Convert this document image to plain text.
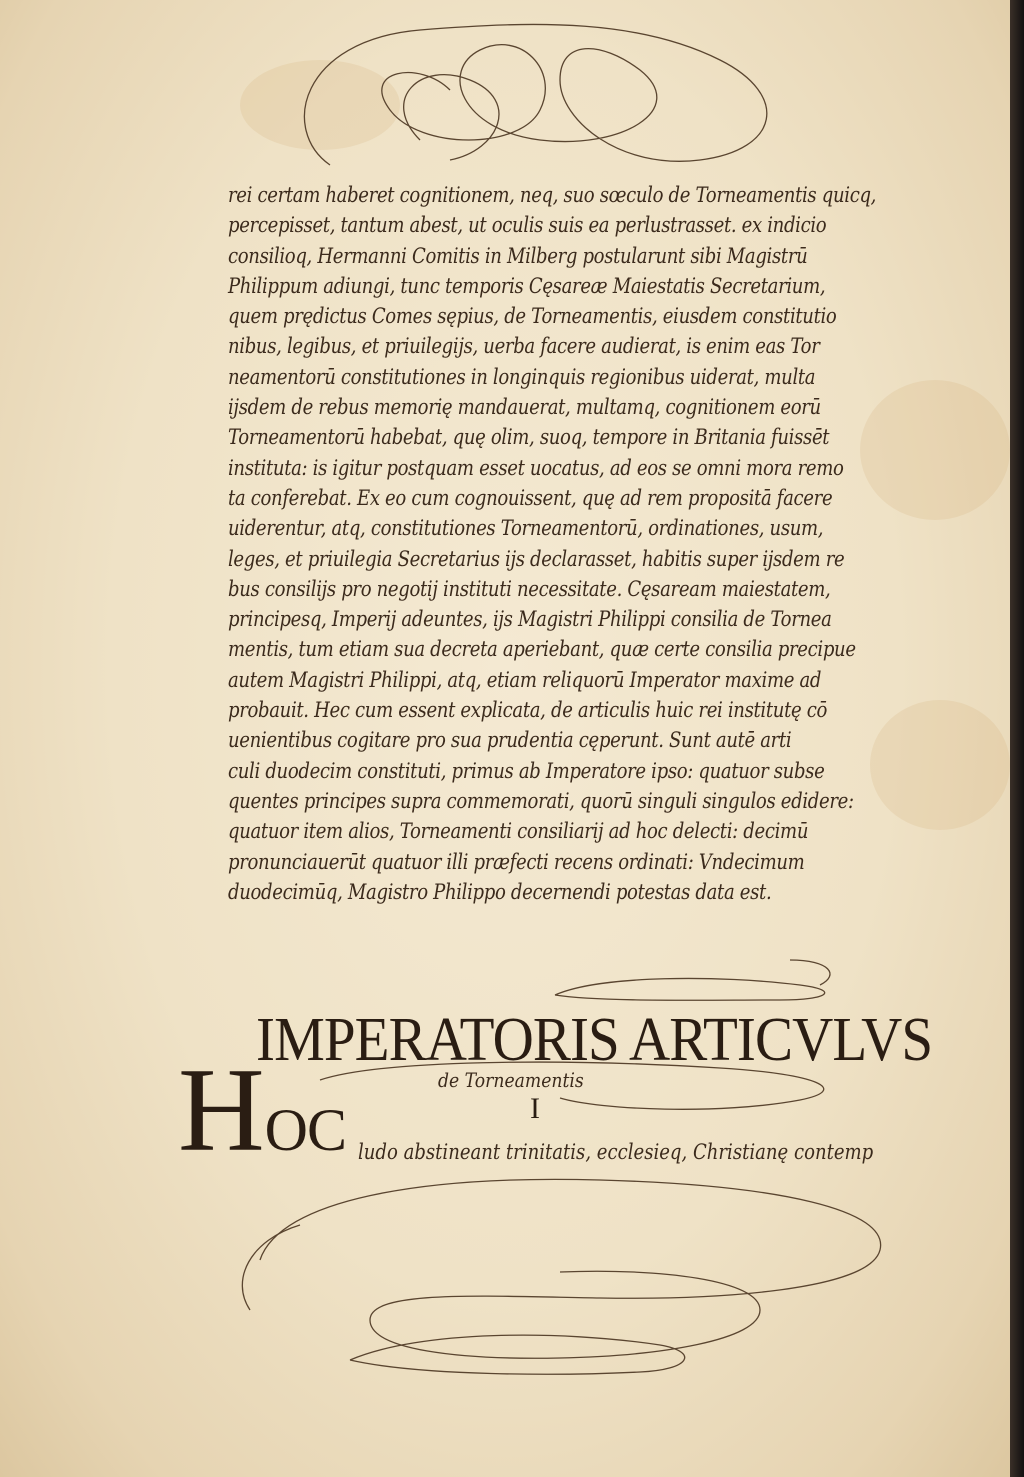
rei certam haberet cognitionem, neq, suo sœculo de Torneamentis quicq,
percepisset, tantum abest, ut oculis suis ea perlustrasset. ex indicio
consilioq, Hermanni Comitis in Milberg postularunt sibi Magistrū
Philippum adiungi, tunc temporis Cęsareæ Maiestatis Secretarium,
quem prędictus Comes sępius, de Torneamentis, eiusdem constitutio
nibus, legibus, et priuilegijs, uerba facere audierat, is enim eas Tor
neamentorū constitutiones in longinquis regionibus uiderat, multa
ijsdem de rebus memorię mandauerat, multamq, cognitionem eorū
Torneamentorū habebat, quę olim, suoq, tempore in Britania fuissēt
instituta: is igitur postquam esset uocatus, ad eos se omni mora remo
ta conferebat. Ex eo cum cognouissent, quę ad rem propositā facere
uiderentur, atq, constitutiones Torneamentorū, ordinationes, usum,
leges, et priuilegia Secretarius ijs declarasset, habitis super ijsdem re
bus consilijs pro negotij instituti necessitate. Cęsaream maiestatem,
principesq, Imperij adeuntes, ijs Magistri Philippi consilia de Tornea
mentis, tum etiam sua decreta aperiebant, quæ certe consilia precipue
autem Magistri Philippi, atq, etiam reliquorū Imperator maxime ad
probauit. Hec cum essent explicata, de articulis huic rei institutę cō
uenientibus cogitare pro sua prudentia cęperunt. Sunt autē arti
culi duodecim constituti, primus ab Imperatore ipso: quatuor subse
quentes principes supra commemorati, quorū singuli singulos edidere:
quatuor item alios, Torneamenti consiliarij ad hoc delecti: decimū
pronunciauerūt quatuor illi præfecti recens ordinati: Vndecimum
duodecimūq, Magistro Philippo decernendi potestas data est.
IMPERATORIS ARTICVLVS
de Torneamentis
I
HOC ludo abstineant trinitatis, ecclesieq, Christianę contemp
